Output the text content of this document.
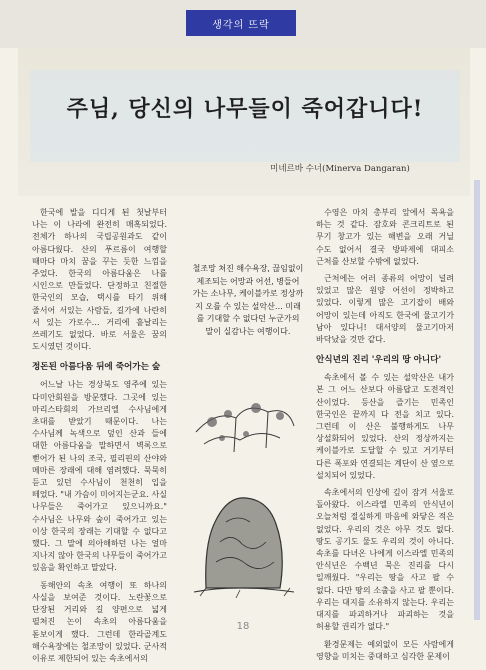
생각의 뜨락
주님, 당신의 나무들이 죽어갑니다!
미네르바 수너(Minerva Dangaran)

한국에 발을 디디게 된 첫날부터 나는 이 나라에 완전히 매혹되었다. 전체가 하나의 국립공원과도 같이 아름다웠다. 산의 푸르름이 여행할 때마다 마치 꿈을 꾸는 듯한 느낌을 주었다. 한국의 아름다움은 나를 시인으로 만들었다. 단정하고 친절한 한국인의 모습, 택시를 타기 위해 줄서어 서있는 사람들, 길가에 나란히 서 있는 가로수… 거리에 흩날리는 쓰레기도 없었다. 바로 서울은 꿈의 도시였던 것이다.

정돈된 아름다움 뒤에 죽어가는 숲

어느날 나는 경상북도 영주에 있는 다미안회원을 방문했다. 그곳에 있는 마리스타회의 가브리엘 수사님에게 초대를 받았기 때문이다. 나는 수사님께 녹색으로 덮인 산과 들에 대한 아름다움을 말하면서 벽록으로 뻗어가 된 나의 조국, 필리핀의 산야와 메마른 장래에 대해 염려했다. 묵묵히 듣고 있던 수사님이 천천히 입을 떼었다. "내 가슴이 미어지는군요. 사실 나무들은 죽어가고 있으니까요." 수사님은 나무와 숲이 죽어가고 있는 이상 한국의 장래는 기대할 수 없다고 했다. 그 말에 의아해하던 나는 얼마 지나지 않아 한국의 나무들이 죽어가고 있음을 확인하고 말았다.

동해안의 속초 여행이 또 하나의 사실을 보여준 것이다. 노란꽃으로 단장된 거리와 길 양편으로 넓게 펼쳐진 논이 속초의 아름다움을 돋보이게 했다. 그런데 한라골계도 해수욕장에는 철조망이 있었다. 군사적 이유로 제한되어 있는 속초에서의

철조망 쳐진 해수욕장, 끊임없이 제조되는 어망과 어선, 병들어 가는 소나무, 케이블카로 정상까지 오를 수 있는 설악산… 미래를 기대할 수 없다던 누군가의 말이 실감나는 여행이다.

수영은 마치 총부리 앞에서 목욕을 하는 것 같다. 잠호와 콘크리트로 된 무기 창고가 있는 해변을 오래 거닐 수도 없어서 결국 방파제에 대피소 근처를 산보할 수밖에 없었다.

근처에는 어러 종류의 어망이 널려 있었고 많은 원양 어선이 정박하고 있었다. 이렇게 많은 고기잡이 배와 어망이 있는데 아직도 한국에 물고기가 남아 있다니! 대서양의 물고기마저 바닥났을 것만 같다.

안식년의 진리 '우리의 땅 아니다'

속초에서 볼 수 있는 설악산은 내가 본 그 어느 산보다 아름답고 도전적인 산이었다. 등산을 즐기는 민족인 한국인은 끝까지 다 전을 치고 있다. 그런데 이 산은 불행하게도 나무 상설화되어 있었다. 산의 정상까지는 케이블카로 도달할 수 있고 거기부터 다른 폭포와 연결되는 계단이 산 옆으로 설치되어 있었다.

속초에서의 인상에 깊이 잠겨 서울로 돌아왔다. 이스라엘 민족의 안식년이 오늘처럼 절실하게 마음에 와닿은 적은 없었다. 우리의 것은 아무 것도 없다. 땅도 공기도 물도 우리의 것이 아니다. 속초를 다녀온 나에게 이스라엘 민족의 안식년은 수백년 묵은 진리를 다시 일깨웠다. "우리는 땅을 사고 팔 수 없다. 다만 땅의 소출을 사고 팔 뿐이다. 우리는 대지를 소유하지 않는다. 우리는 대지를 파괴하거나 파괴하는 것을 허용할 권리가 없다."

환경문제는 예외없이 모든 사람에게 영향을 미치는 중대하고 심각한 문제이

18
